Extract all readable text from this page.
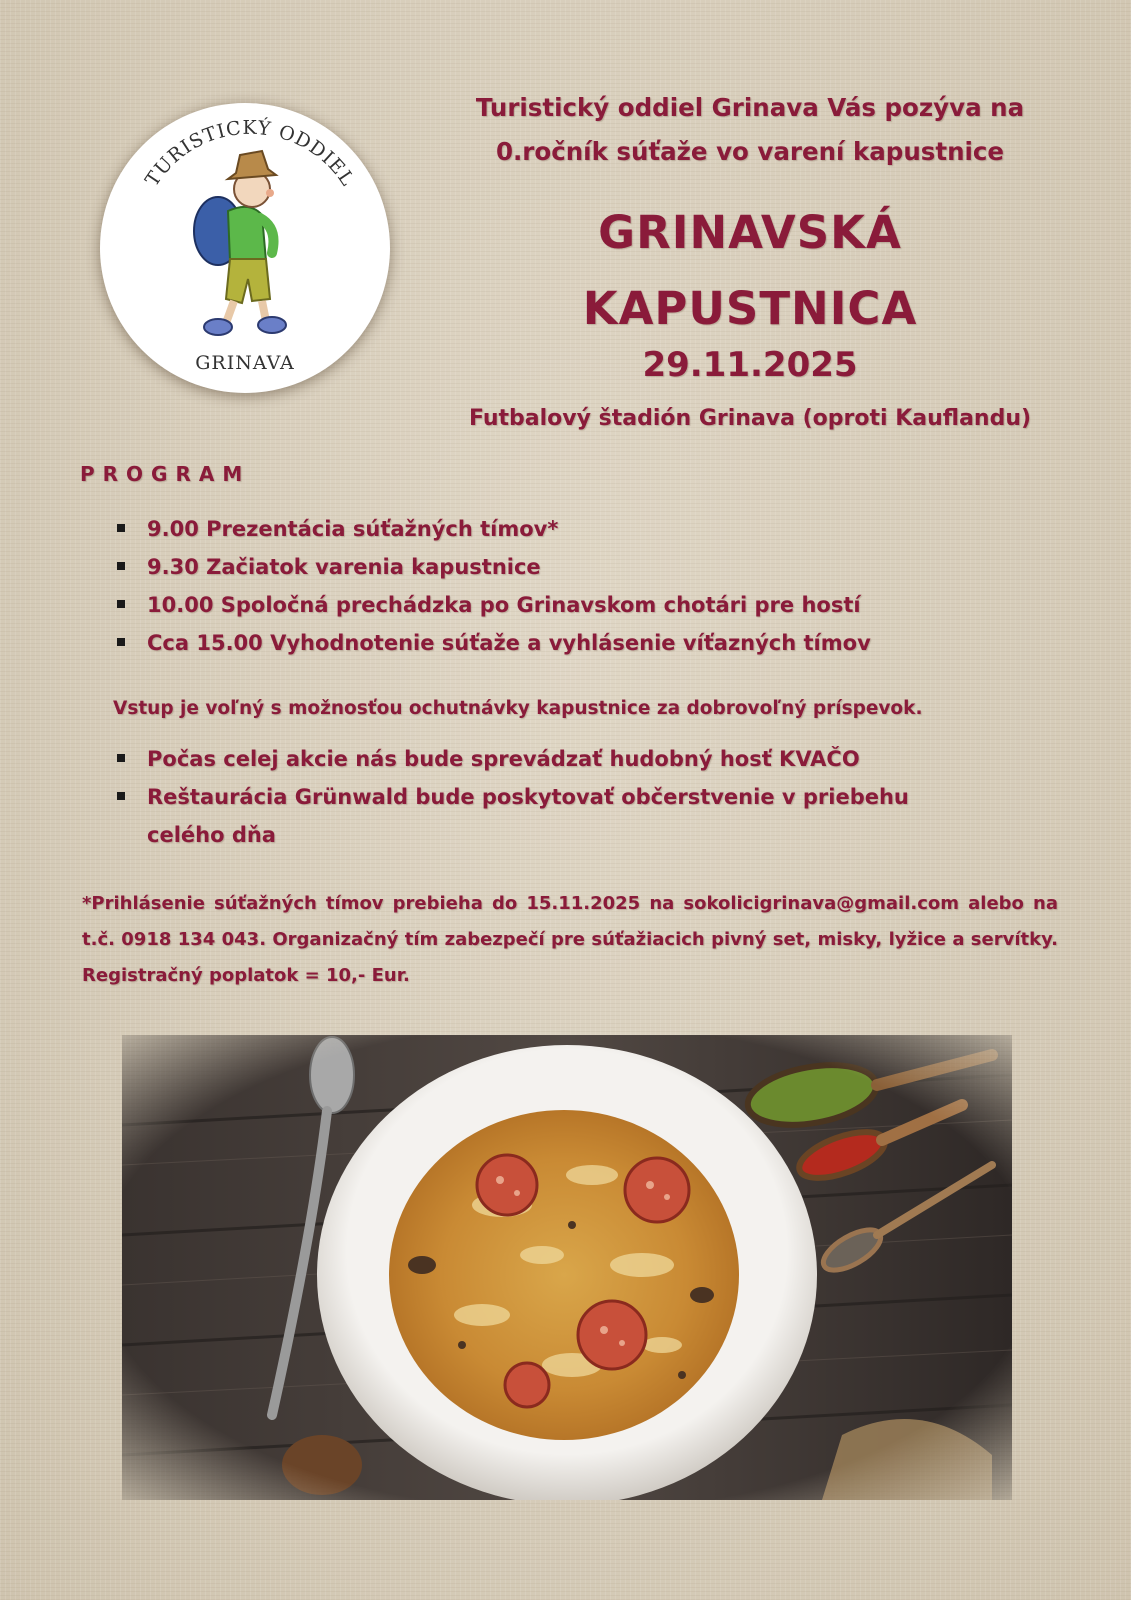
TURISTICKÝ ODDIEL
GRINAVA
Turistický oddiel Grinava Vás pozýva na
0.ročník súťaže vo varení kapustnice
GRINAVSKÁ
KAPUSTNICA
29.11.2025
Futbalový štadión Grinava (oproti Kauflandu)
PROGRAM
9.00 Prezentácia súťažných tímov*
9.30 Začiatok varenia kapustnice
10.00 Spoločná prechádzka po Grinavskom chotári pre hostí
Cca 15.00 Vyhodnotenie súťaže a vyhlásenie víťazných tímov
Vstup je voľný s možnosťou ochutnávky kapustnice za dobrovoľný príspevok.
Počas celej akcie nás bude sprevádzať hudobný hosť KVAČO
Reštaurácia Grünwald bude poskytovať občerstvenie v priebehu celého dňa
*Prihlásenie súťažných tímov prebieha do 15.11.2025 na sokolicigrinava@gmail.com alebo na t.č. 0918 134 043. Organizačný tím zabezpečí pre súťažiacich pivný set, misky, lyžice a servítky. Registračný poplatok = 10,- Eur.
